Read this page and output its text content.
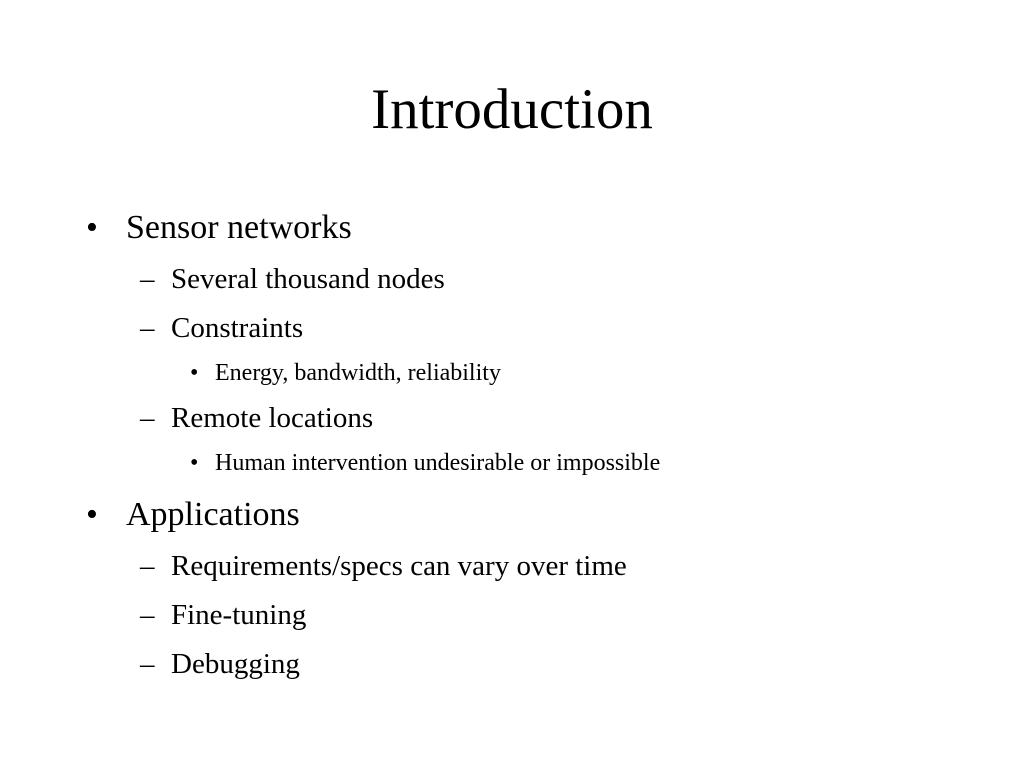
Introduction
• Sensor networks
– Several thousand nodes
– Constraints
• Energy, bandwidth, reliability
– Remote locations
• Human intervention undesirable or impossible
• Applications
– Requirements/specs can vary over time
– Fine-tuning
– Debugging
